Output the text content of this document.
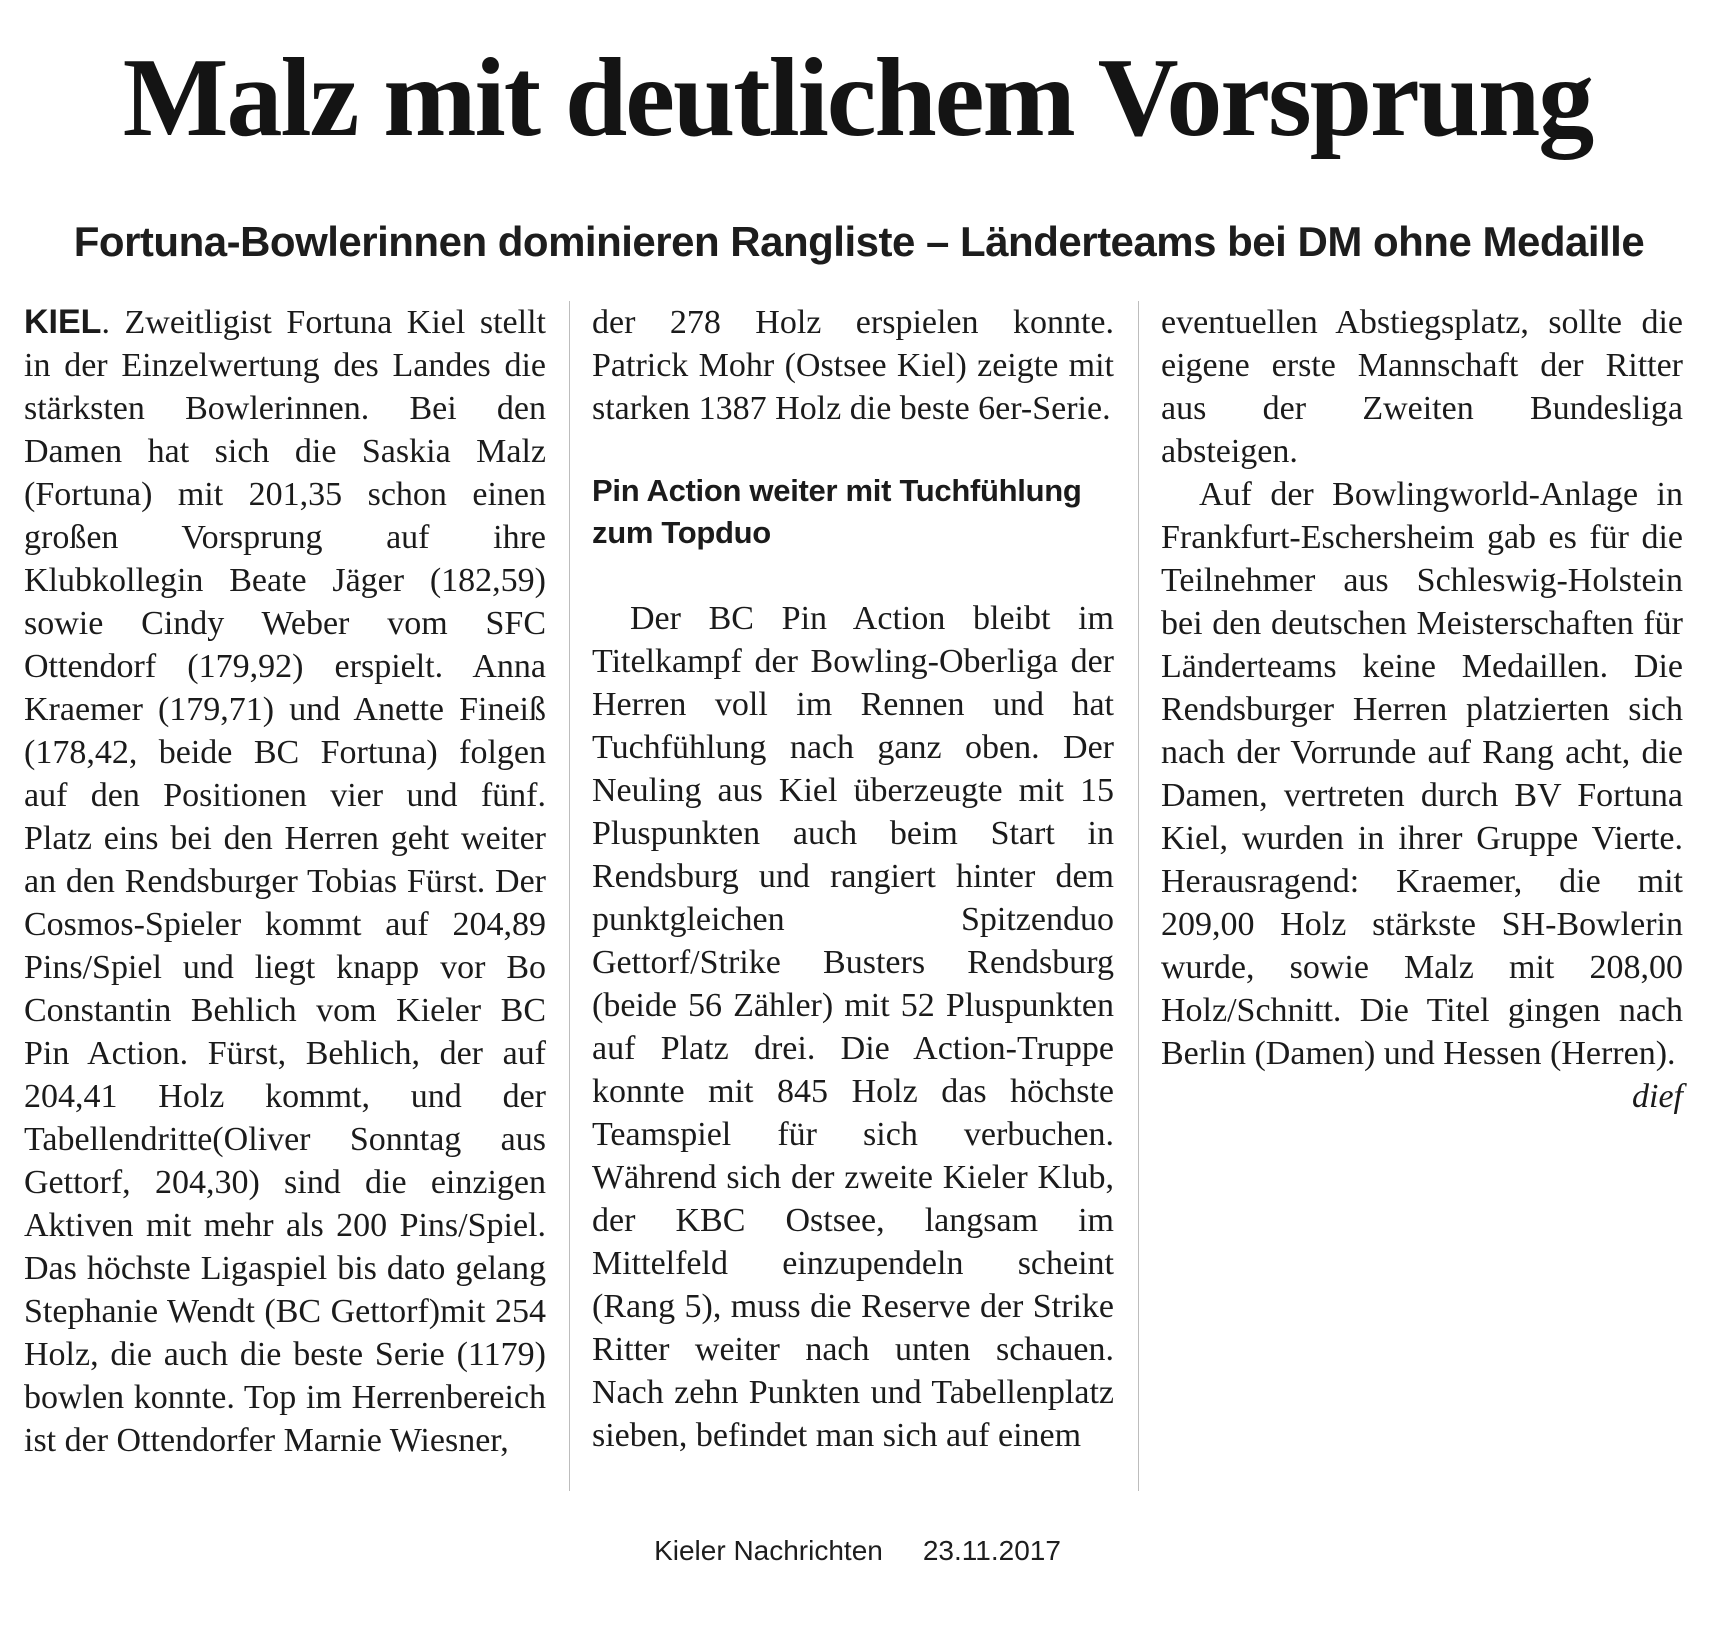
Malz mit deutlichem Vorsprung
Fortuna-Bowlerinnen dominieren Rangliste – Länderteams bei DM ohne Medaille

KIEL. Zweitligist Fortuna Kiel stellt in der Einzelwertung des Landes die stärksten Bowlerinnen. Bei den Damen hat sich die Saskia Malz (Fortuna) mit 201,35 schon einen großen Vorsprung auf ihre Klubkollegin Beate Jäger (182,59) sowie Cindy Weber vom SFC Ottendorf (179,92) erspielt. Anna Kraemer (179,71) und Anette Fineiß (178,42, beide BC Fortuna) folgen auf den Positionen vier und fünf. Platz eins bei den Herren geht weiter an den Rendsburger Tobias Fürst. Der Cosmos-Spieler kommt auf 204,89 Pins/Spiel und liegt knapp vor Bo Constantin Behlich vom Kieler BC Pin Action. Fürst, Behlich, der auf 204,41 Holz kommt, und der Tabellendritte(Oliver Sonntag aus Gettorf, 204,30) sind die einzigen Aktiven mit mehr als 200 Pins/Spiel. Das höchste Ligaspiel bis dato gelang Stephanie Wendt (BC Gettorf)mit 254 Holz, die auch die beste Serie (1179) bowlen konnte. Top im Herrenbereich ist der Ottendorfer Marnie Wiesner,

der 278 Holz erspielen konnte. Patrick Mohr (Ostsee Kiel) zeigte mit starken 1387 Holz die beste 6er-Serie.

Pin Action weiter mit Tuchfühlung zum Topduo

Der BC Pin Action bleibt im Titelkampf der Bowling-Oberliga der Herren voll im Rennen und hat Tuchfühlung nach ganz oben. Der Neuling aus Kiel überzeugte mit 15 Pluspunkten auch beim Start in Rendsburg und rangiert hinter dem punktgleichen Spitzenduo Gettorf/Strike Busters Rendsburg (beide 56 Zähler) mit 52 Pluspunkten auf Platz drei. Die Action-Truppe konnte mit 845 Holz das höchste Teamspiel für sich verbuchen. Während sich der zweite Kieler Klub, der KBC Ostsee, langsam im Mittelfeld einzupendeln scheint (Rang 5), muss die Reserve der Strike Ritter weiter nach unten schauen. Nach zehn Punkten und Tabellenplatz sieben, befindet man sich auf einem

eventuellen Abstiegsplatz, sollte die eigene erste Mannschaft der Ritter aus der Zweiten Bundesliga absteigen.

Auf der Bowlingworld-Anlage in Frankfurt-Eschersheim gab es für die Teilnehmer aus Schleswig-Holstein bei den deutschen Meisterschaften für Länderteams keine Medaillen. Die Rendsburger Herren platzierten sich nach der Vorrunde auf Rang acht, die Damen, vertreten durch BV Fortuna Kiel, wurden in ihrer Gruppe Vierte. Herausragend: Kraemer, die mit 209,00 Holz stärkste SH-Bowlerin wurde, sowie Malz mit 208,00 Holz/Schnitt. Die Titel gingen nach Berlin (Damen) und Hessen (Herren).
dief

Kieler Nachrichten 23.11.2017
